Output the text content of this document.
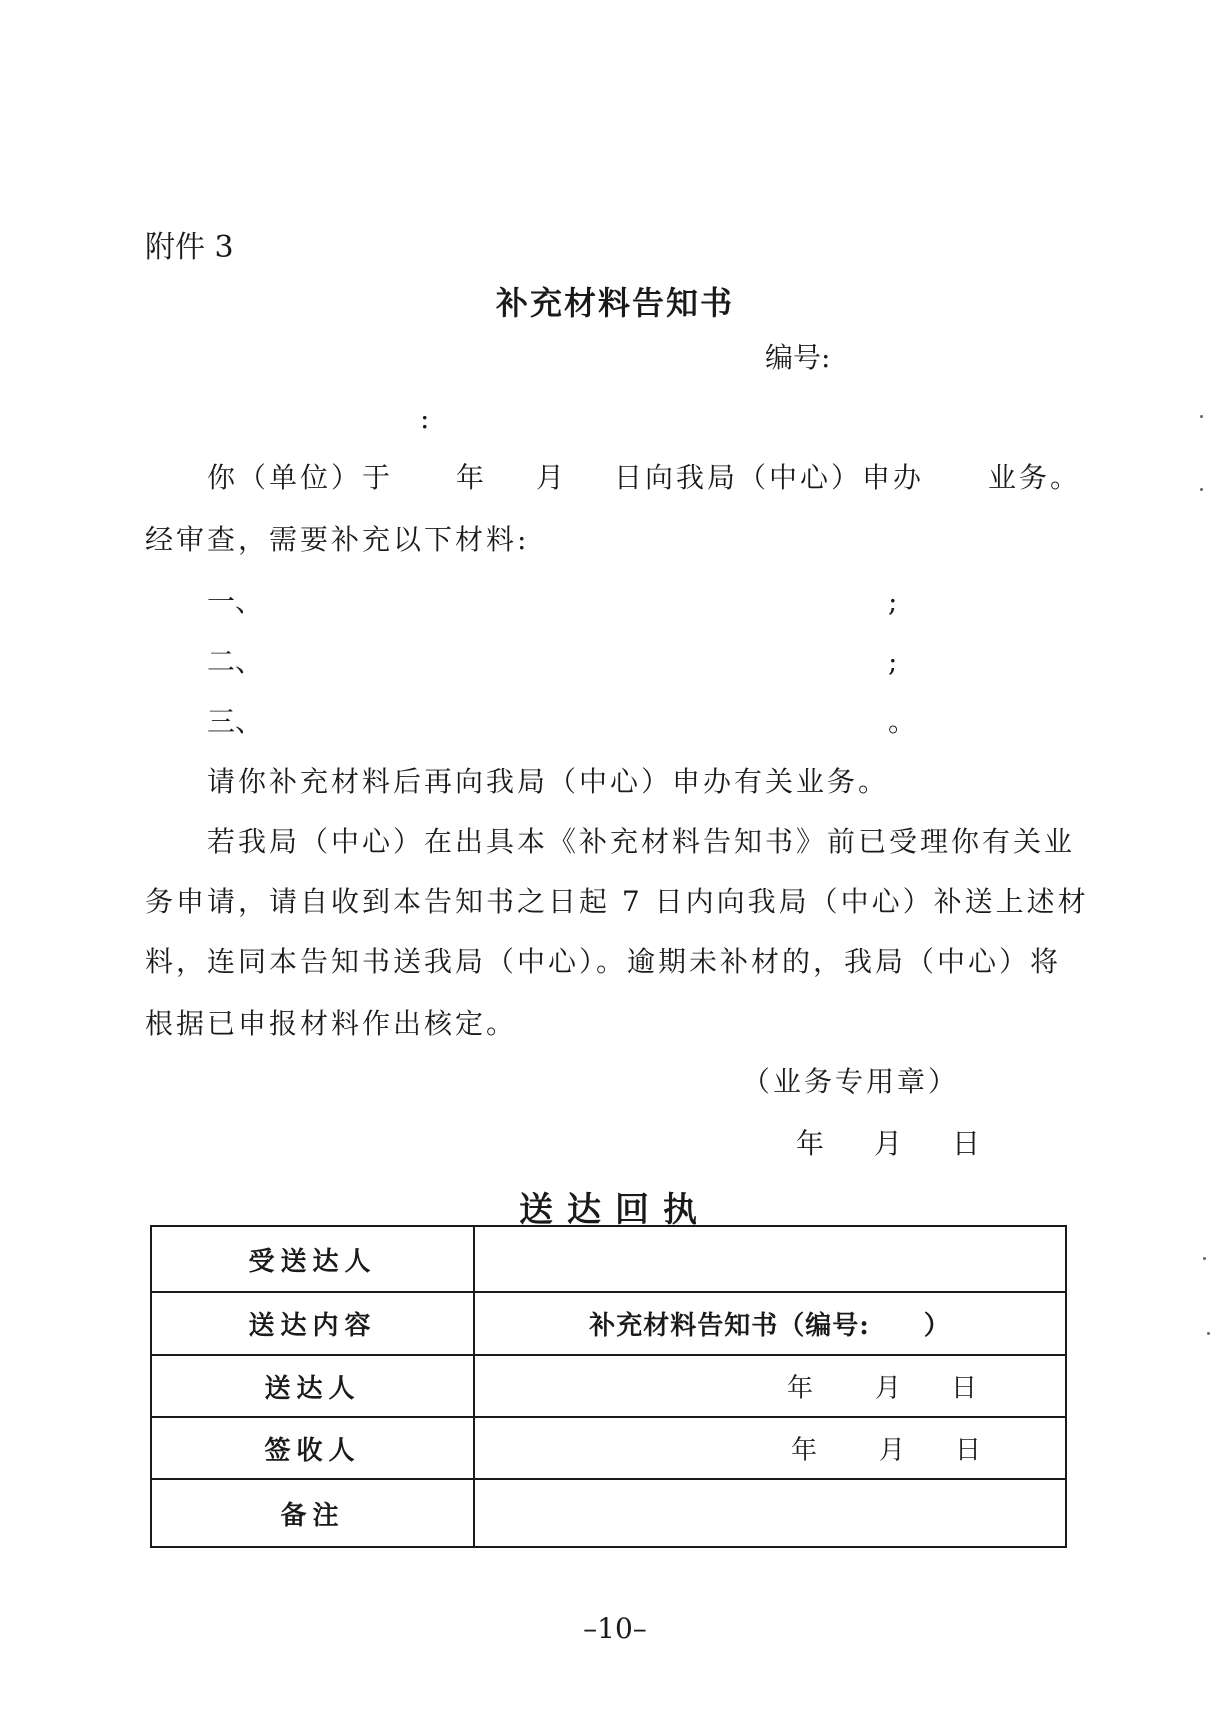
附件 3
补充材料告知书
编号:
:
你（单位）于 年 月 日向我局（中心）申办 业务。
经审查，需要补充以下材料:
一、	;
二、	;
三、	。
请你补充材料后再向我局（中心）申办有关业务。
若我局（中心）在出具本《补充材料告知书》前已受理你有关业
务申请，请自收到本告知书之日起 7 日内向我局（中心）补送上述材
料，连同本告知书送我局（中心）。逾期未补材的，我局（中心）将
根据已申报材料作出核定。
（业务专用章）
年 月 日
送达回执
受送达人	
送达内容	补充材料告知书（编号:　　）
送达人	年 月 日

签收人	年 月 日

备注	
–10–
